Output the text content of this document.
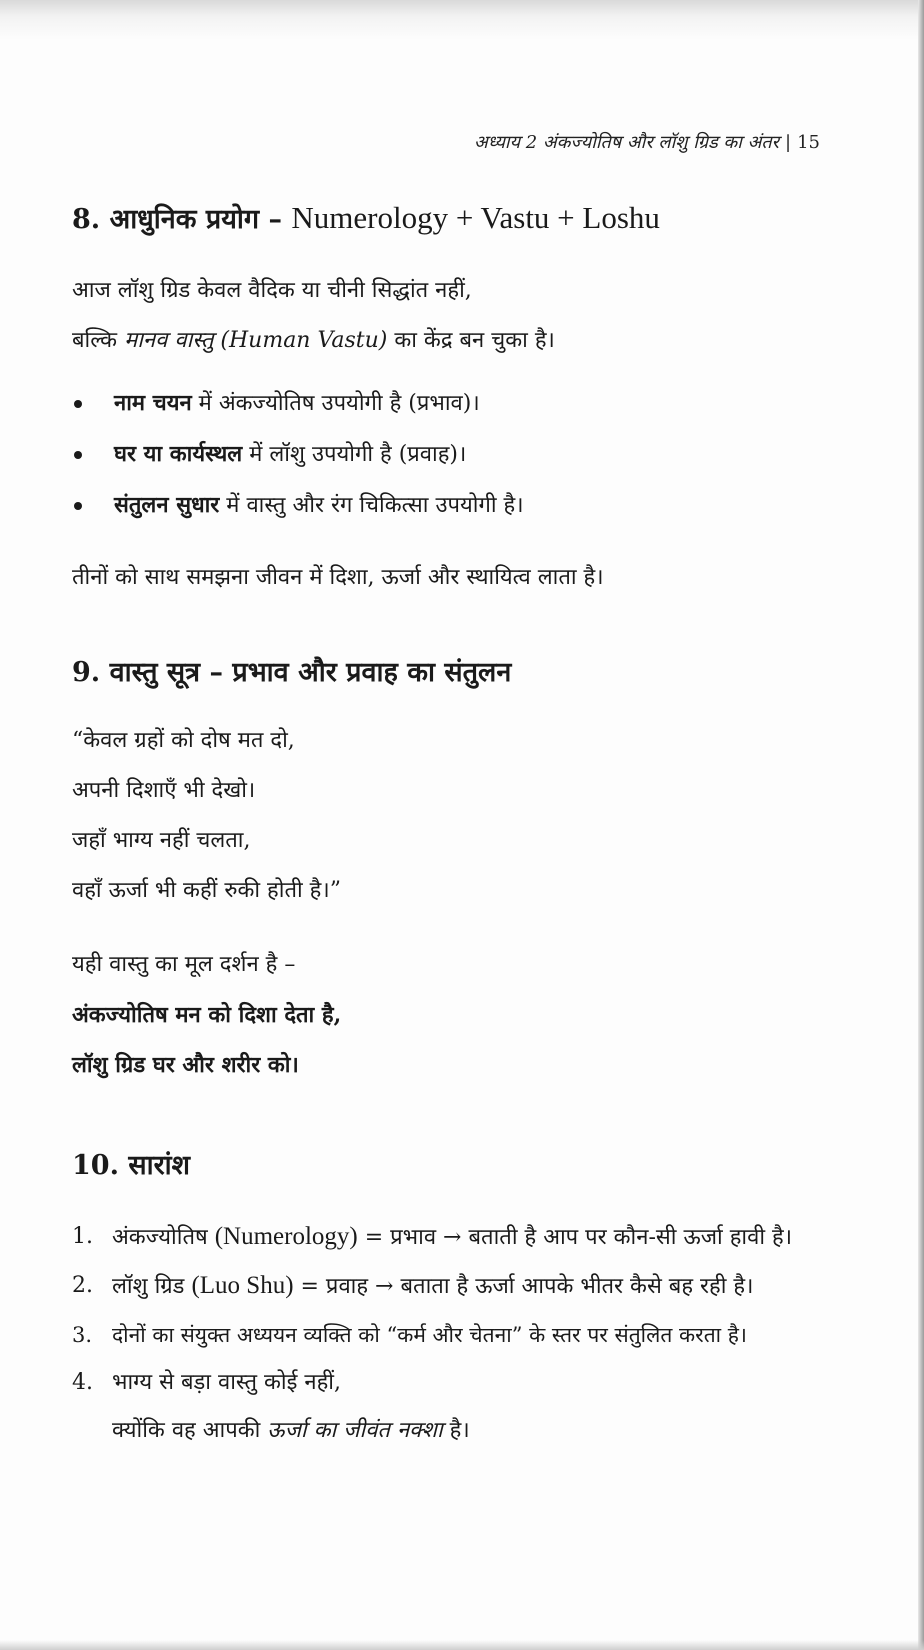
अध्याय 2 अंकज्योतिष और लॉशु ग्रिड का अंतर | 15
8. आधुनिक प्रयोग – Numerology + Vastu + Loshu

आज लॉशु ग्रिड केवल वैदिक या चीनी सिद्धांत नहीं,

बल्कि मानव वास्तु (Human Vastu) का केंद्र बन चुका है।

नाम चयन में अंकज्योतिष उपयोगी है (प्रभाव)।
घर या कार्यस्थल में लॉशु उपयोगी है (प्रवाह)।
संतुलन सुधार में वास्तु और रंग चिकित्सा उपयोगी है।

तीनों को साथ समझना जीवन में दिशा, ऊर्जा और स्थायित्व लाता है।

9. वास्तु सूत्र – प्रभाव और प्रवाह का संतुलन

“केवल ग्रहों को दोष मत दो,

अपनी दिशाएँ भी देखो।

जहाँ भाग्य नहीं चलता,

वहाँ ऊर्जा भी कहीं रुकी होती है।”

यही वास्तु का मूल दर्शन है –

अंकज्योतिष मन को दिशा देता है,

लॉशु ग्रिड घर और शरीर को।

10. सारांश
1. अंकज्योतिष (Numerology) = प्रभाव → बताती है आप पर कौन-सी ऊर्जा हावी है।
2. लॉशु ग्रिड (Luo Shu) = प्रवाह → बताता है ऊर्जा आपके भीतर कैसे बह रही है।
3. दोनों का संयुक्त अध्ययन व्यक्ति को “कर्म और चेतना” के स्तर पर संतुलित करता है।
4. भाग्य से बड़ा वास्तु कोई नहीं,
क्योंकि वह आपकी ऊर्जा का जीवंत नक्शा है।
